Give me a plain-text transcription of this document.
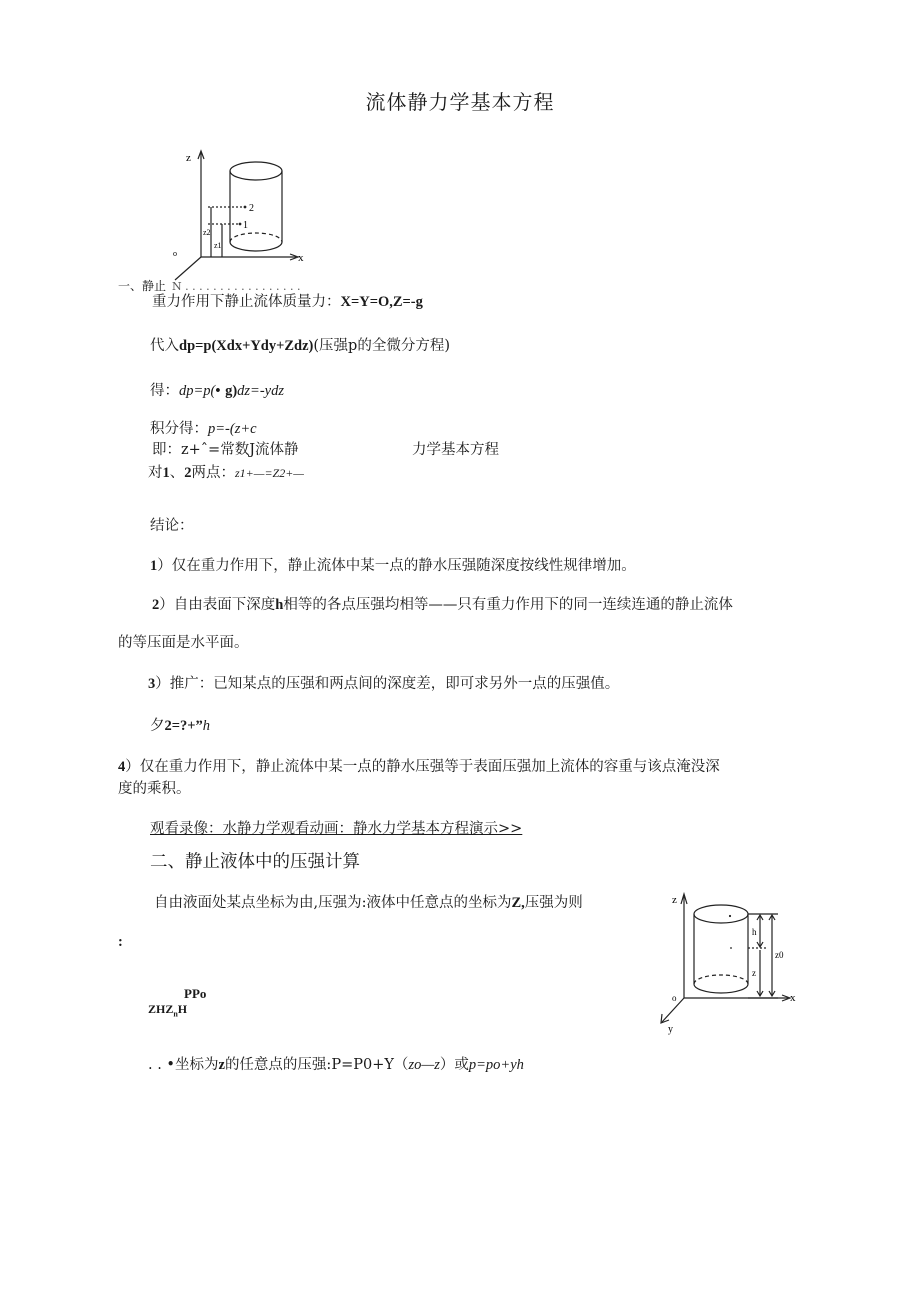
流体静力学基本方程
z
x
o
2
1
z2
z1
一、静止 N . . . . . . . . . . . . . . . . .
重力作用下静止流体质量力：X=Y=O,Z=-g
代入dp=p(Xdx+Ydy+Zdz)(压强p的全微分方程)
得：dp=p(• g)dz=-ydz
积分得：p=-(z+c
即：z+ˆ=常数J流体静	力学基本方程
对1、2两点：z1+—=Z2+—
结论：
1）仅在重力作用下，静止流体中某一点的静水压强随深度按线性规律增加。
2）自由表面下深度h相等的各点压强均相等——只有重力作用下的同一连续连通的静止流体
的等压面是水平面。
3）推广：已知某点的压强和两点间的深度差，即可求另外一点的压强值。
夕2=?+”h
4）仅在重力作用下，静止流体中某一点的静水压强等于表面压强加上流体的容重与该点淹没深
度的乘积。
观看录像：水静力学观看动画：静水力学基本方程演示>>
二、静止液体中的压强计算
自由液面处某点坐标为由,压强为:液体中任意点的坐标为Z,压强为则
:
PPo
$ZHZ_nH$
. . •坐标为z的任意点的压强:P=P0+Y（zo—z）或p=po+yh
z
x
o
y
h
z0
z
